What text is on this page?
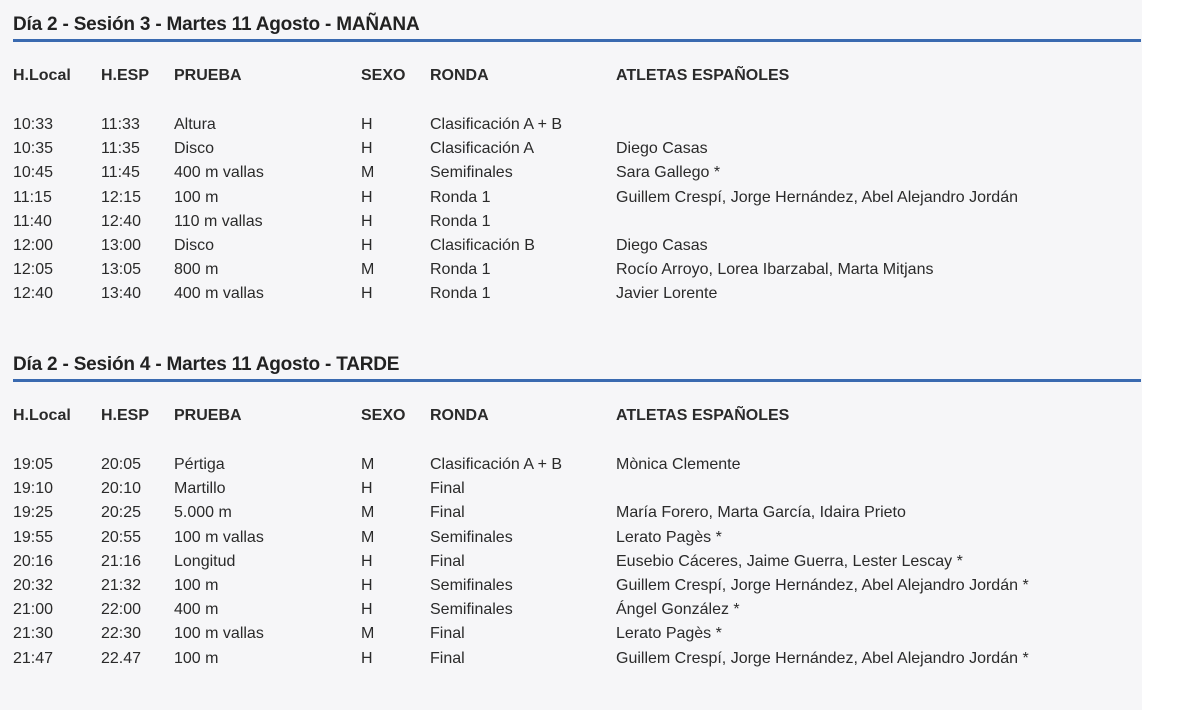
Día 2 - Sesión 3 - Martes 11 Agosto - MAÑANA
H.Local H.ESP PRUEBA	SEXO RONDA	ATLETAS ESPAÑOLES
10:33	11:33 Altura	H	Clasificación A + B
10:35	11:35 Disco	H	Clasificación A	Diego Casas
10:45	11:45 400 m vallas	M	Semifinales	Sara Gallego *
11:15	12:15 100 m	H	Ronda 1	Guillem Crespí, Jorge Hernández, Abel Alejandro Jordán
11:40	12:40 110 m vallas	H	Ronda 1
12:00	13:00 Disco	H	Clasificación B	Diego Casas
12:05	13:05 800 m	M	Ronda 1	Rocío Arroyo, Lorea Ibarzabal, Marta Mitjans
12:40	13:40 400 m vallas	H	Ronda 1	Javier Lorente
Día 2 - Sesión 4 - Martes 11 Agosto - TARDE
H.Local H.ESP PRUEBA	SEXO RONDA	ATLETAS ESPAÑOLES
19:05	20:05 Pértiga	M	Clasificación A + B	Mònica Clemente
19:10	20:10 Martillo	H	Final
19:25	20:25 5.000 m	M	Final	María Forero, Marta García, Idaira Prieto
19:55	20:55 100 m vallas	M	Semifinales	Lerato Pagès *
20:16	21:16 Longitud	H	Final	Eusebio Cáceres, Jaime Guerra, Lester Lescay *
20:32	21:32 100 m	H	Semifinales	Guillem Crespí, Jorge Hernández, Abel Alejandro Jordán *
21:00	22:00 400 m	H	Semifinales	Ángel González *
21:30	22:30 100 m vallas	M	Final	Lerato Pagès *
21:47	22.47 100 m	H	Final	Guillem Crespí, Jorge Hernández, Abel Alejandro Jordán *
